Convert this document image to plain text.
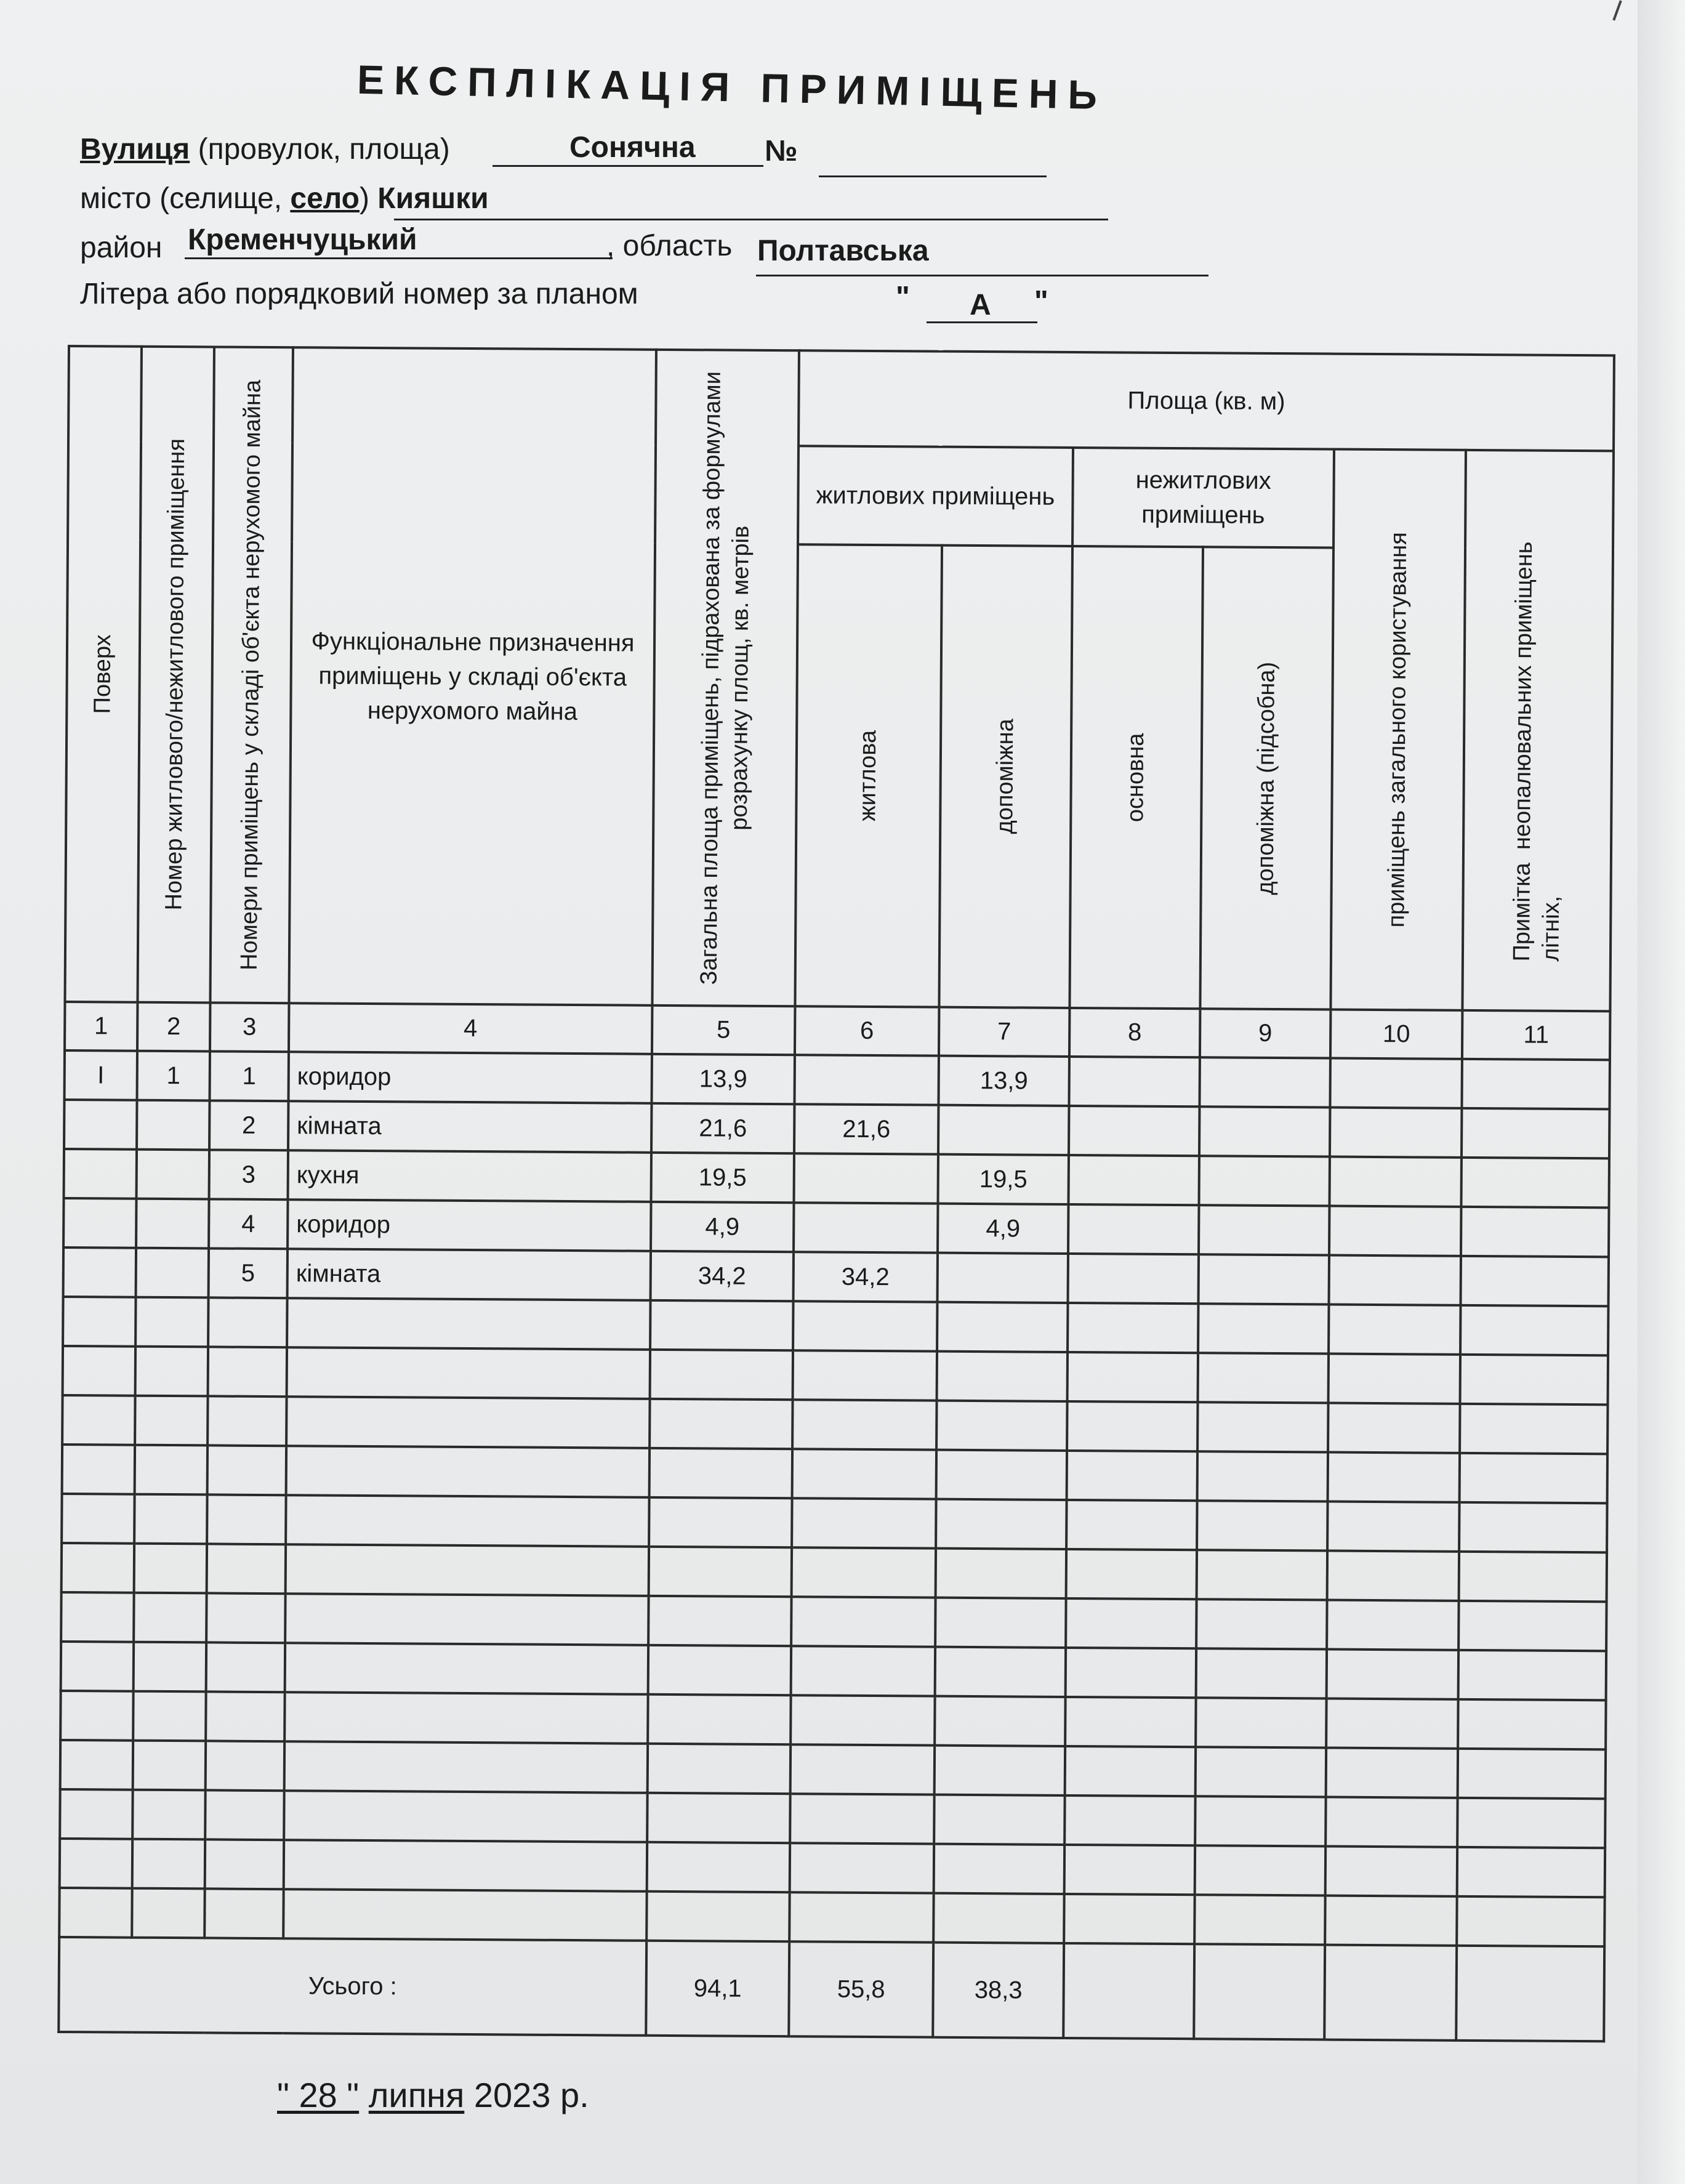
ЕКСПЛІКАЦІЯ ПРИМІЩЕНЬ
Вулиця (провулок, площа)	Сонячна №
місто (селище, село) Кияшки
район Кременчуцький	, область Полтавська
Літера або порядковий номер за планом	" А "
Поверх	Номер житлового/нежитлового приміщення	Номери приміщень у складі об'єкта нерухомого майна	Функціональне призначення приміщень у складі об'єкта нерухомого майна	Загальна площа приміщень, підрахована за формулами розрахунку площ, кв. метрів	Площа (кв. м)					
					житлових приміщень		нежитлових приміщень		приміщень загального користування	Примітка  неопалювальних приміщень літніх,

					житлова	допоміжна	основна	допоміжна (підсобна)		

1	2	3	4	5	6	7	8	9	10	11
I	1	1	коридор	13,9		13,9				
		2	кімната	21,6	21,6					
		3	кухня	19,5		19,5				
		4	коридор	4,9		4,9				
		5	кімната	34,2	34,2					

Усього :				94,1	55,8	38,3				
" 28 " липня 2023 р.
